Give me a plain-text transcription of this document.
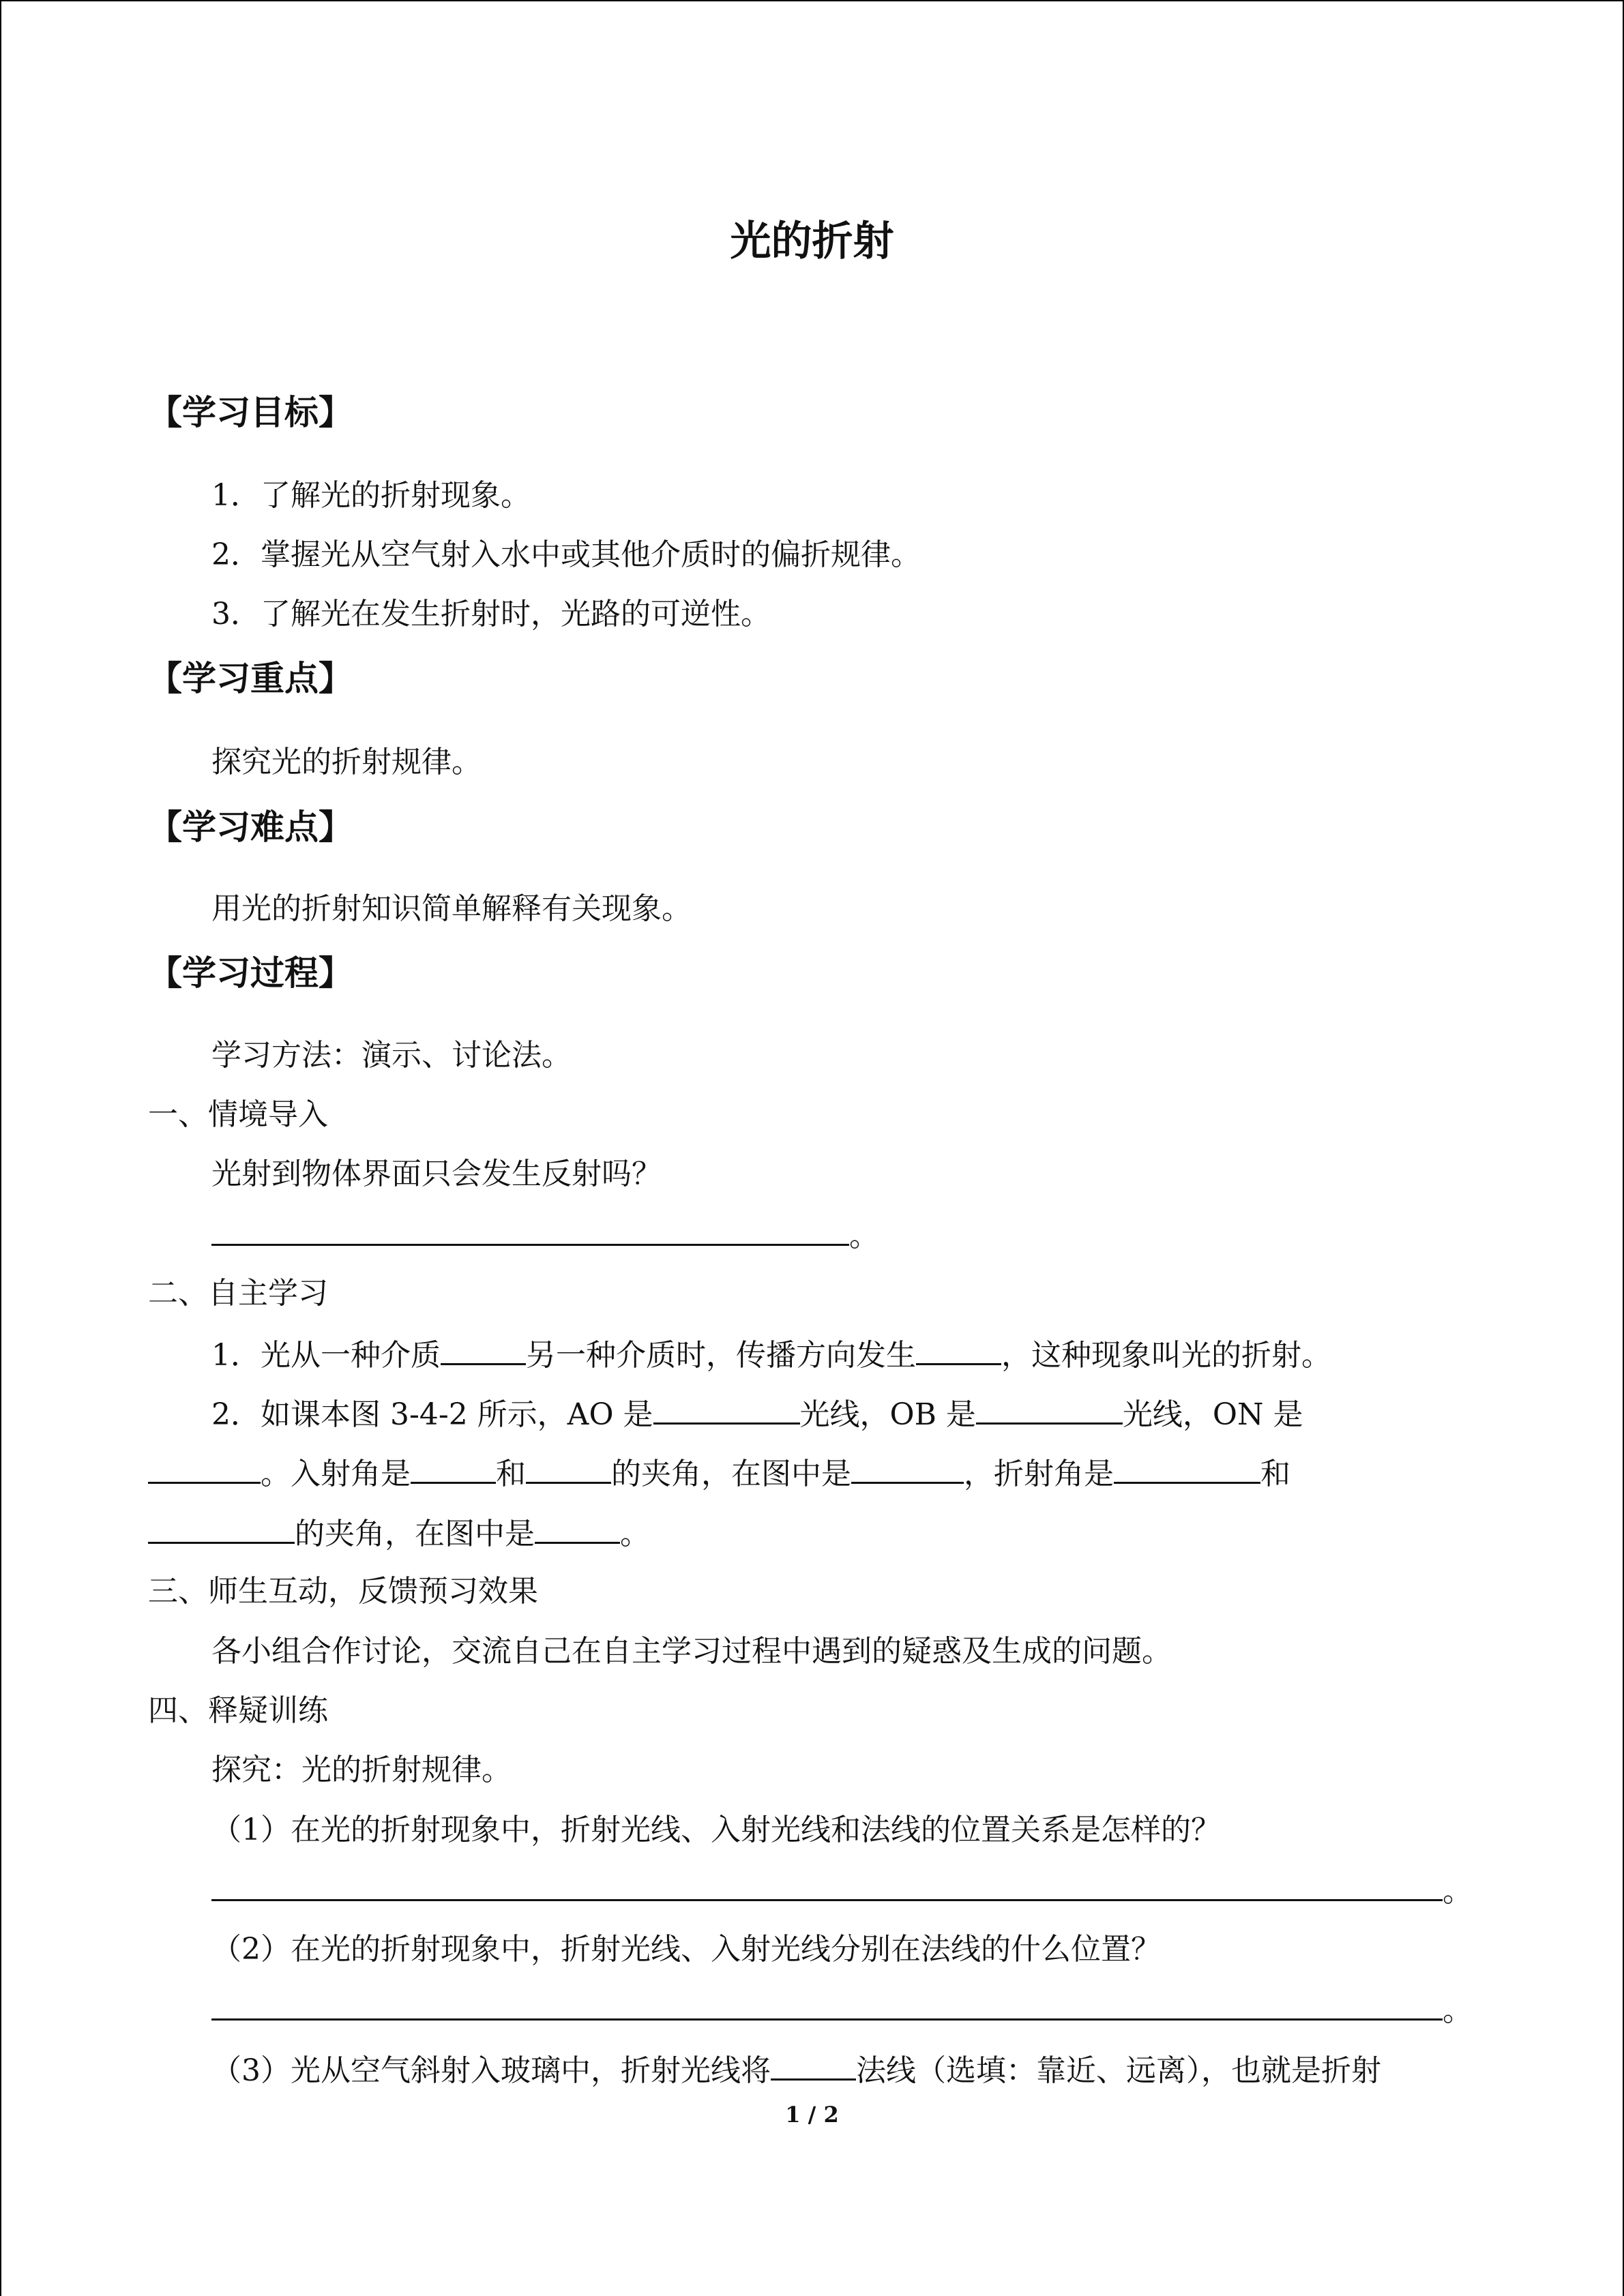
光的折射
【学习目标】
1．了解光的折射现象。
2．掌握光从空气射入水中或其他介质时的偏折规律。
3．了解光在发生折射时，光路的可逆性。
【学习重点】
探究光的折射规律。
【学习难点】
用光的折射知识简单解释有关现象。
【学习过程】
学习方法：演示、讨论法。
一、情境导入
光射到物体界面只会发生反射吗？
。
二、自主学习
1．光从一种介质	另一种介质时，传播方向发生	，这种现象叫光的折射。
2．如课本图 3-4-2 所示，AO 是	光线，OB 是	光线，ON 是
。入射角是	和	的夹角，在图中是	，折射角是	和
的夹角，在图中是	。
三、师生互动，反馈预习效果
各小组合作讨论，交流自己在自主学习过程中遇到的疑惑及生成的问题。
四、释疑训练
探究：光的折射规律。
（1）在光的折射现象中，折射光线、入射光线和法线的位置关系是怎样的？
。
（2）在光的折射现象中，折射光线、入射光线分别在法线的什么位置？
。
（3）光从空气斜射入玻璃中，折射光线将	法线（选填：靠近、远离），也就是折射
1 / 2
